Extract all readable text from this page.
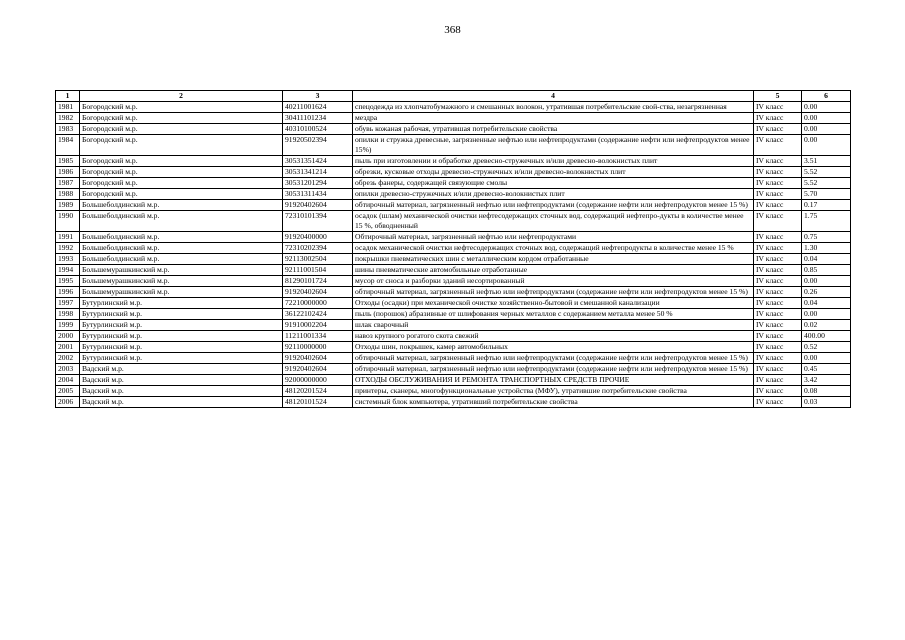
368
1	2	3	4	5	6
1981	Богородский м.р.	40211001624	спецодежда из хлопчатобумажного и смешанных волокон, утратившая потребительские свой-ства, незагрязненная	IV класс	0.00
1982	Богородский м.р.	30411101234	мездра	IV класс	0.00
1983	Богородский м.р.	40310100524	обувь кожаная рабочая, утратившая потребительские свойства	IV класс	0.00
1984	Богородский м.р.	91920502394	опилки и стружка древесные, загрязненные нефтью или нефтепродуктами (содержание нефти или нефтепродуктов менее 15%)	IV класс	0.00
1985	Богородский м.р.	30531351424	пыль при изготовлении и обработке древесно-стружечных и/или древесно-волокнистых плит	IV класс	3.51
1986	Богородский м.р.	30531341214	обрезки, кусковые отходы древесно-стружечных и/или древесно-волокнистых плит	IV класс	5.52
1987	Богородский м.р.	30531201294	обрезь фанеры, содержащей связующие смолы	IV класс	5.52
1988	Богородский м.р.	30531311434	опилки древесно-стружечных и/или древесно-волокнистых плит	IV класс	5.70
1989	Большеболдинский м.р.	91920402604	обтирочный материал, загрязненный нефтью или нефтепродуктами (содержание нефти или нефтепродуктов менее 15 %)	IV класс	0.17
1990	Большеболдинский м.р.	72310101394	осадок (шлам) механической очистки нефтесодержащих сточных вод, содержащий нефтепро-дукты в количестве менее 15 %, обводненный	IV класс	1.75
1991	Большеболдинский м.р.	91920400000	Обтирочный материал, загрязненный нефтью или нефтепродуктами	IV класс	0.75
1992	Большеболдинский м.р.	72310202394	осадок механической очистки нефтесодержащих сточных вод, содержащий нефтепродукты в количестве менее 15 %	IV класс	1.30
1993	Большеболдинский м.р.	92113002504	покрышки пневматических шин с металлическим кордом отработанные	IV класс	0.04
1994	Большемурашкинский м.р.	92111001504	шины пневматические автомобильные отработанные	IV класс	0.85
1995	Большемурашкинский м.р.	81290101724	мусор от сноса и разборки зданий несортированный	IV класс	0.00
1996	Большемурашкинский м.р.	91920402604	обтирочный материал, загрязненный нефтью или нефтепродуктами (содержание нефти или нефтепродуктов менее 15 %)	IV класс	0.26
1997	Бутурлинский м.р.	72210000000	Отходы (осадки) при механической очистке хозяйственно-бытовой и смешанной канализации	IV класс	0.04
1998	Бутурлинский м.р.	36122102424	пыль (порошок) абразивные от шлифования черных металлов с содержанием металла менее 50 %	IV класс	0.00
1999	Бутурлинский м.р.	91910002204	шлак сварочный	IV класс	0.02
2000	Бутурлинский м.р.	11211001334	навоз крупного рогатого скота свежий	IV класс	400.00
2001	Бутурлинский м.р.	92110000000	Отходы шин, покрышек, камер автомобильных	IV класс	0.52
2002	Бутурлинский м.р.	91920402604	обтирочный материал, загрязненный нефтью или нефтепродуктами (содержание нефти или нефтепродуктов менее 15 %)	IV класс	0.00
2003	Вадский м.р.	91920402604	обтирочный материал, загрязненный нефтью или нефтепродуктами (содержание нефти или нефтепродуктов менее 15 %)	IV класс	0.45
2004	Вадский м.р.	92000000000	ОТХОДЫ ОБСЛУЖИВАНИЯ И РЕМОНТА ТРАНСПОРТНЫХ СРЕДСТВ ПРОЧИЕ	IV класс	3.42
2005	Вадский м.р.	48120201524	принтеры, сканеры, многофункциональные устройства (МФУ), утратившие потребительские свойства	IV класс	0.08
2006	Вадский м.р.	48120101524	системный блок компьютера, утративший потребительские свойства	IV класс	0.03
